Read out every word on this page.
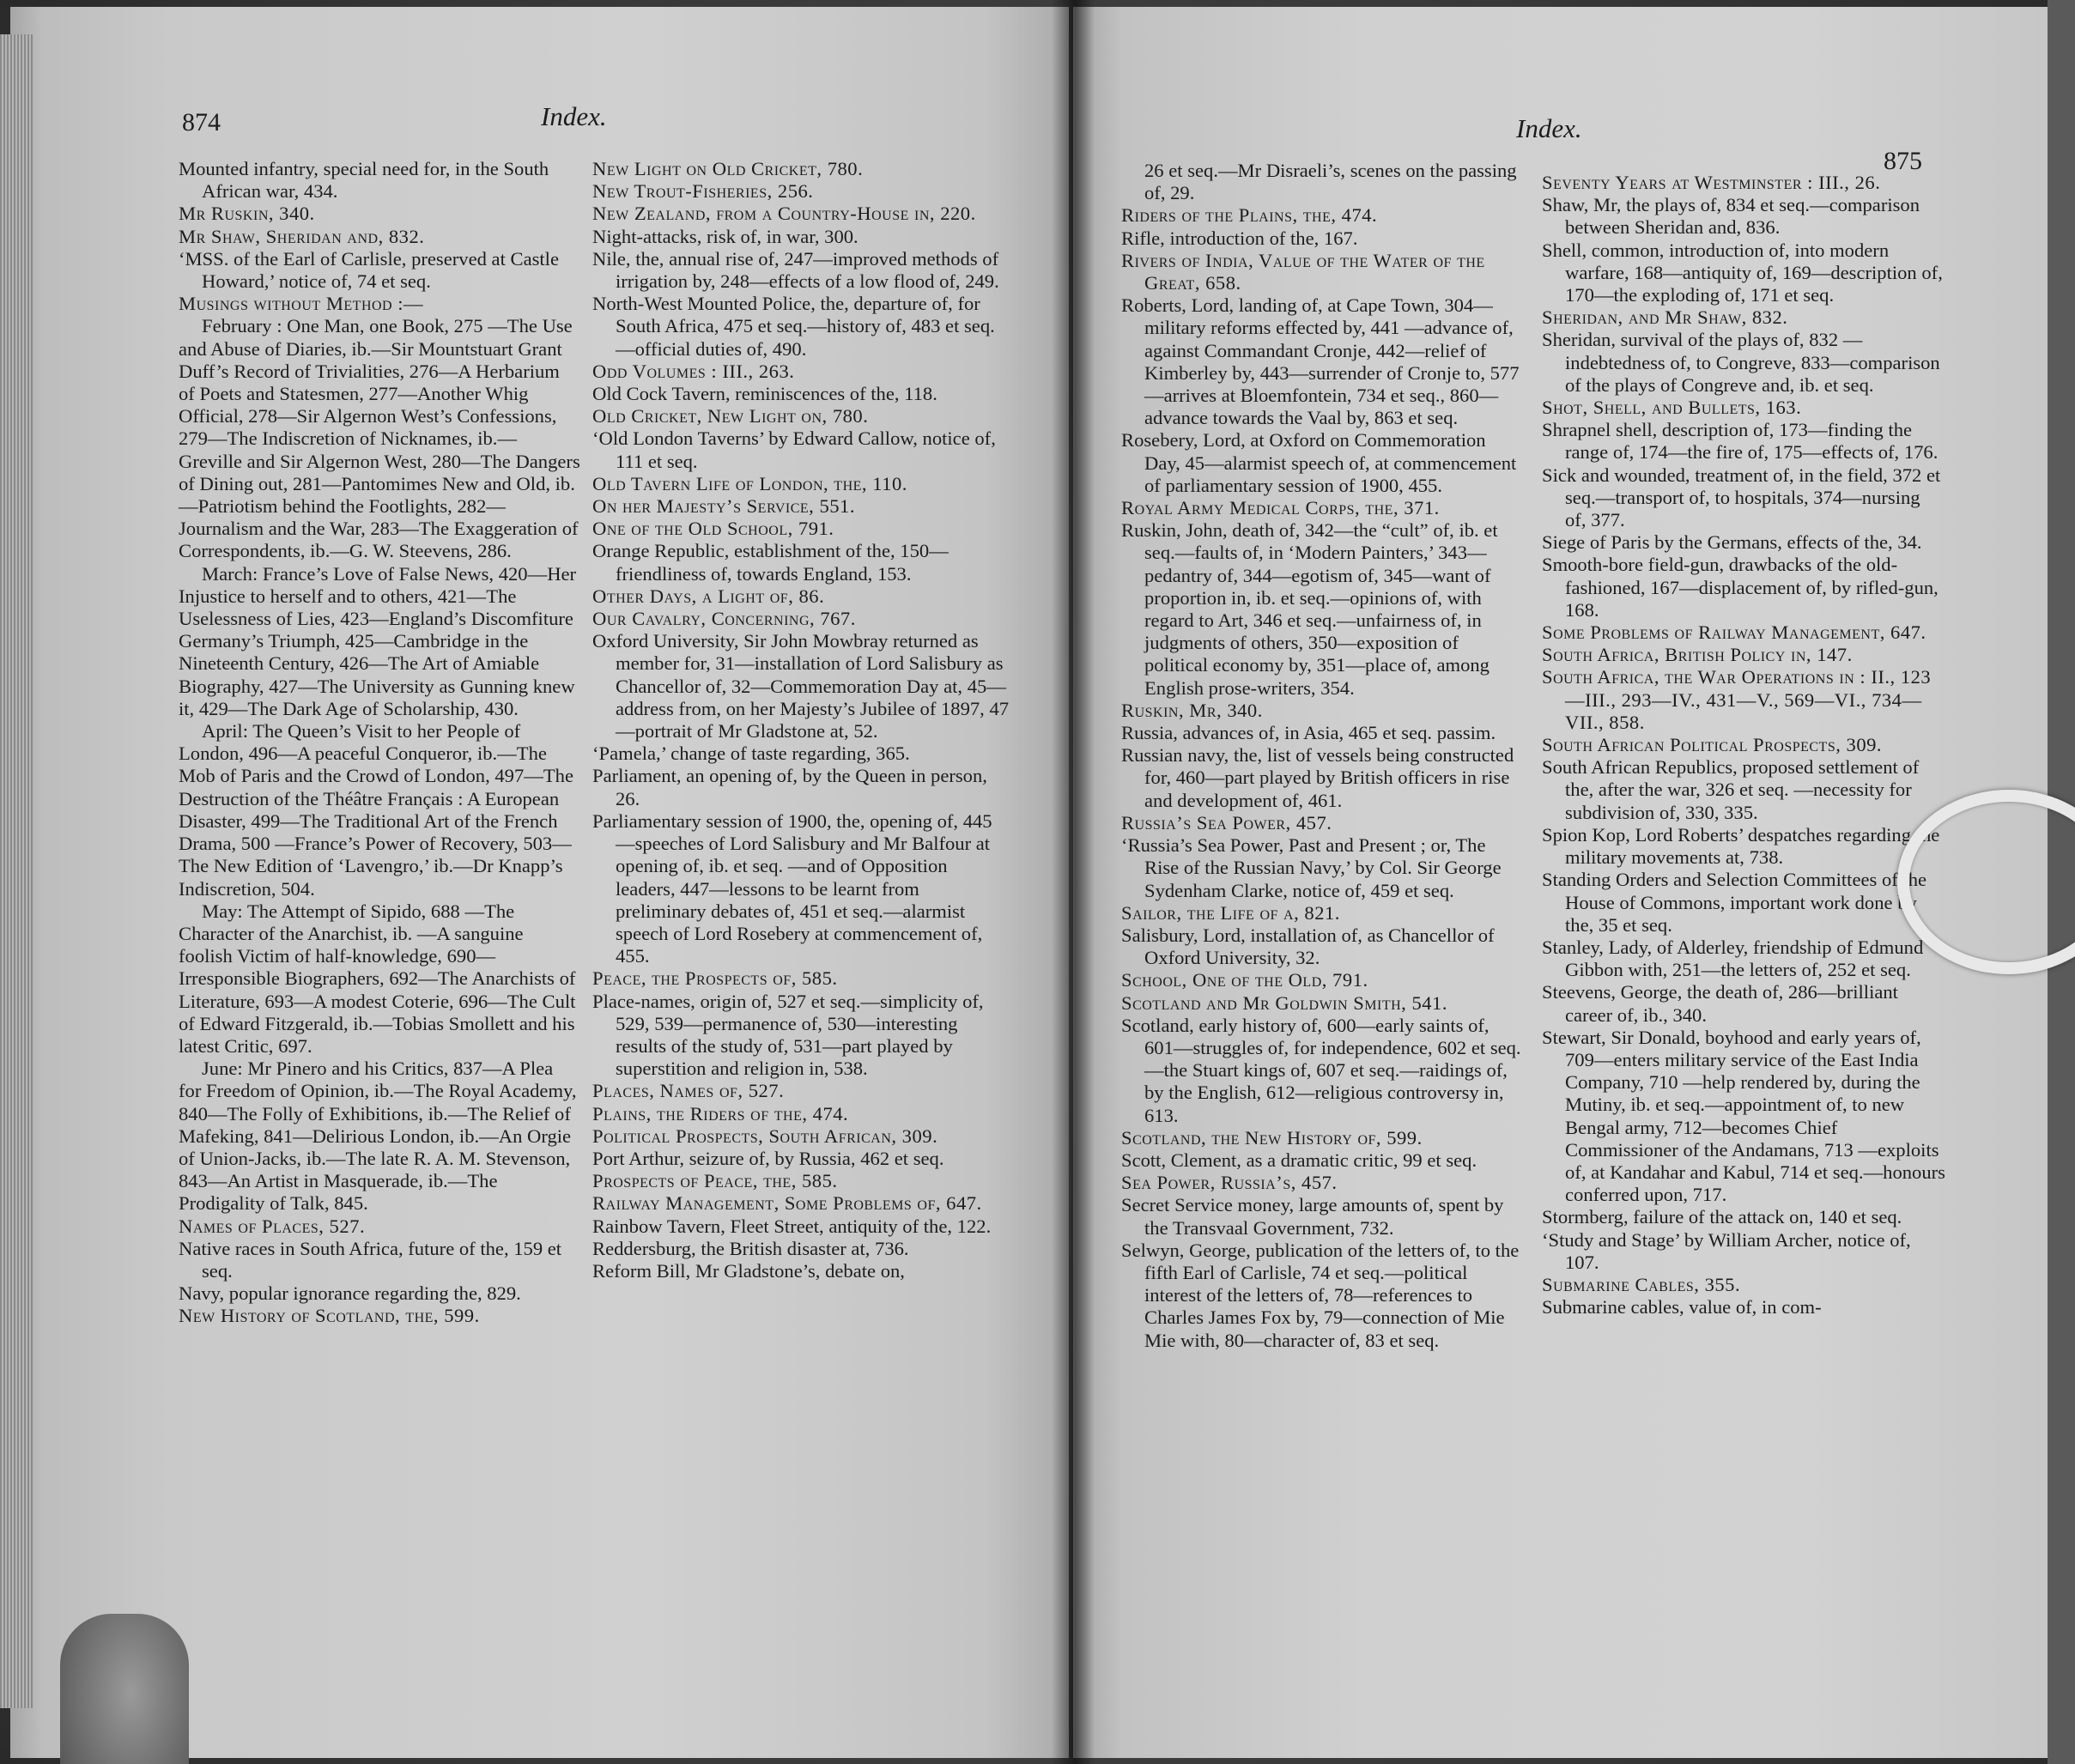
874	Index.

Mounted infantry, special need for, in the South African war, 434.

Mr Ruskin, 340.

Mr Shaw, Sheridan and, 832.

‘MSS. of the Earl of Carlisle, preserved at Castle Howard,’ notice of, 74 et seq.

Musings without Method :—

February : One Man, one Book, 275 —The Use and Abuse of Diaries, ib.—Sir Mountstuart Grant Duff’s Record of Trivialities, 276—A Herbarium of Poets and Statesmen, 277—Another Whig Official, 278—Sir Algernon West’s Confessions, 279—The Indiscretion of Nicknames, ib.—Greville and Sir Algernon West, 280—The Dangers of Dining out, 281—Pantomimes New and Old, ib.—Patriotism behind the Footlights, 282—Journalism and the War, 283—The Exaggeration of Correspondents, ib.—G. W. Steevens, 286.

March: France’s Love of False News, 420—Her Injustice to herself and to others, 421—The Uselessness of Lies, 423—England’s Discomfiture Germany’s Triumph, 425—Cambridge in the Nineteenth Century, 426—The Art of Amiable Biography, 427—The University as Gunning knew it, 429—The Dark Age of Scholarship, 430.

April: The Queen’s Visit to her People of London, 496—A peaceful Conqueror, ib.—The Mob of Paris and the Crowd of London, 497—The Destruction of the Théâtre Français : A European Disaster, 499—The Traditional Art of the French Drama, 500 —France’s Power of Recovery, 503—The New Edition of ‘Lavengro,’ ib.—Dr Knapp’s Indiscretion, 504.

May: The Attempt of Sipido, 688 —The Character of the Anarchist, ib. —A sanguine foolish Victim of half-knowledge, 690—Irresponsible Biographers, 692—The Anarchists of Literature, 693—A modest Coterie, 696—The Cult of Edward Fitzgerald, ib.—Tobias Smollett and his latest Critic, 697.

June: Mr Pinero and his Critics, 837—A Plea for Freedom of Opinion, ib.—The Royal Academy, 840—The Folly of Exhibitions, ib.—The Relief of Mafeking, 841—Delirious London, ib.—An Orgie of Union-Jacks, ib.—The late R. A. M. Stevenson, 843—An Artist in Masquerade, ib.—The Prodigality of Talk, 845.

Names of Places, 527.

Native races in South Africa, future of the, 159 et seq.

Navy, popular ignorance regarding the, 829.

New History of Scotland, the, 599.

New Light on Old Cricket, 780.

New Trout-Fisheries, 256.

New Zealand, from a Country-House in, 220.

Night-attacks, risk of, in war, 300.

Nile, the, annual rise of, 247—improved methods of irrigation by, 248—effects of a low flood of, 249.

North-West Mounted Police, the, departure of, for South Africa, 475 et seq.—history of, 483 et seq.—official duties of, 490.

Odd Volumes : III., 263.

Old Cock Tavern, reminiscences of the, 118.

Old Cricket, New Light on, 780.

‘Old London Taverns’ by Edward Callow, notice of, 111 et seq.

Old Tavern Life of London, the, 110.

On her Majesty’s Service, 551.

One of the Old School, 791.

Orange Republic, establishment of the, 150—friendliness of, towards England, 153.

Other Days, a Light of, 86.

Our Cavalry, Concerning, 767.

Oxford University, Sir John Mowbray returned as member for, 31—installation of Lord Salisbury as Chancellor of, 32—Commemoration Day at, 45—address from, on her Majesty’s Jubilee of 1897, 47—portrait of Mr Gladstone at, 52.

‘Pamela,’ change of taste regarding, 365.

Parliament, an opening of, by the Queen in person, 26.

Parliamentary session of 1900, the, opening of, 445—speeches of Lord Salisbury and Mr Balfour at opening of, ib. et seq. —and of Opposition leaders, 447—lessons to be learnt from preliminary debates of, 451 et seq.—alarmist speech of Lord Rosebery at commencement of, 455.

Peace, the Prospects of, 585.

Place-names, origin of, 527 et seq.—simplicity of, 529, 539—permanence of, 530—interesting results of the study of, 531—part played by superstition and religion in, 538.

Places, Names of, 527.

Plains, the Riders of the, 474.

Political Prospects, South African, 309.

Port Arthur, seizure of, by Russia, 462 et seq.

Prospects of Peace, the, 585.

Railway Management, Some Problems of, 647.

Rainbow Tavern, Fleet Street, antiquity of the, 122.

Reddersburg, the British disaster at, 736.

Reform Bill, Mr Gladstone’s, debate on,

Index.
875

26 et seq.—Mr Disraeli’s, scenes on the passing of, 29.

Riders of the Plains, the, 474.

Rifle, introduction of the, 167.

Rivers of India, Value of the Water of the Great, 658.

Roberts, Lord, landing of, at Cape Town, 304—military reforms effected by, 441 —advance of, against Commandant Cronje, 442—relief of Kimberley by, 443—surrender of Cronje to, 577—arrives at Bloemfontein, 734 et seq., 860—advance towards the Vaal by, 863 et seq.

Rosebery, Lord, at Oxford on Commemoration Day, 45—alarmist speech of, at commencement of parliamentary session of 1900, 455.

Royal Army Medical Corps, the, 371.

Ruskin, John, death of, 342—the “cult” of, ib. et seq.—faults of, in ‘Modern Painters,’ 343—pedantry of, 344—egotism of, 345—want of proportion in, ib. et seq.—opinions of, with regard to Art, 346 et seq.—unfairness of, in judgments of others, 350—exposition of political economy by, 351—place of, among English prose-writers, 354.

Ruskin, Mr, 340.

Russia, advances of, in Asia, 465 et seq. passim.

Russian navy, the, list of vessels being constructed for, 460—part played by British officers in rise and development of, 461.

Russia’s Sea Power, 457.

‘Russia’s Sea Power, Past and Present ; or, The Rise of the Russian Navy,’ by Col. Sir George Sydenham Clarke, notice of, 459 et seq.

Sailor, the Life of a, 821.

Salisbury, Lord, installation of, as Chancellor of Oxford University, 32.

School, One of the Old, 791.

Scotland and Mr Goldwin Smith, 541.

Scotland, early history of, 600—early saints of, 601—struggles of, for independence, 602 et seq.—the Stuart kings of, 607 et seq.—raidings of, by the English, 612—religious controversy in, 613.

Scotland, the New History of, 599.

Scott, Clement, as a dramatic critic, 99 et seq.

Sea Power, Russia’s, 457.

Secret Service money, large amounts of, spent by the Transvaal Government, 732.

Selwyn, George, publication of the letters of, to the fifth Earl of Carlisle, 74 et seq.—political interest of the letters of, 78—references to Charles James Fox by, 79—connection of Mie Mie with, 80—character of, 83 et seq.

Seventy Years at Westminster : III., 26.

Shaw, Mr, the plays of, 834 et seq.—comparison between Sheridan and, 836.

Shell, common, introduction of, into modern warfare, 168—antiquity of, 169—description of, 170—the exploding of, 171 et seq.

Sheridan, and Mr Shaw, 832.

Sheridan, survival of the plays of, 832 —indebtedness of, to Congreve, 833—comparison of the plays of Congreve and, ib. et seq.

Shot, Shell, and Bullets, 163.

Shrapnel shell, description of, 173—finding the range of, 174—the fire of, 175—effects of, 176.

Sick and wounded, treatment of, in the field, 372 et seq.—transport of, to hospitals, 374—nursing of, 377.

Siege of Paris by the Germans, effects of the, 34.

Smooth-bore field-gun, drawbacks of the old-fashioned, 167—displacement of, by rifled-gun, 168.

Some Problems of Railway Management, 647.

South Africa, British Policy in, 147.

South Africa, the War Operations in : II., 123—III., 293—IV., 431—V., 569—VI., 734—VII., 858.

South African Political Prospects, 309.

South African Republics, proposed settlement of the, after the war, 326 et seq. —necessity for subdivision of, 330, 335.

Spion Kop, Lord Roberts’ despatches regarding the military movements at, 738.

Standing Orders and Selection Committees of the House of Commons, important work done by the, 35 et seq.

Stanley, Lady, of Alderley, friendship of Edmund Gibbon with, 251—the letters of, 252 et seq.

Steevens, George, the death of, 286—brilliant career of, ib., 340.

Stewart, Sir Donald, boyhood and early years of, 709—enters military service of the East India Company, 710 —help rendered by, during the Mutiny, ib. et seq.—appointment of, to new Bengal army, 712—becomes Chief Commissioner of the Andamans, 713 —exploits of, at Kandahar and Kabul, 714 et seq.—honours conferred upon, 717.

Stormberg, failure of the attack on, 140 et seq.

‘Study and Stage’ by William Archer, notice of, 107.

Submarine Cables, 355.

Submarine cables, value of, in com-
